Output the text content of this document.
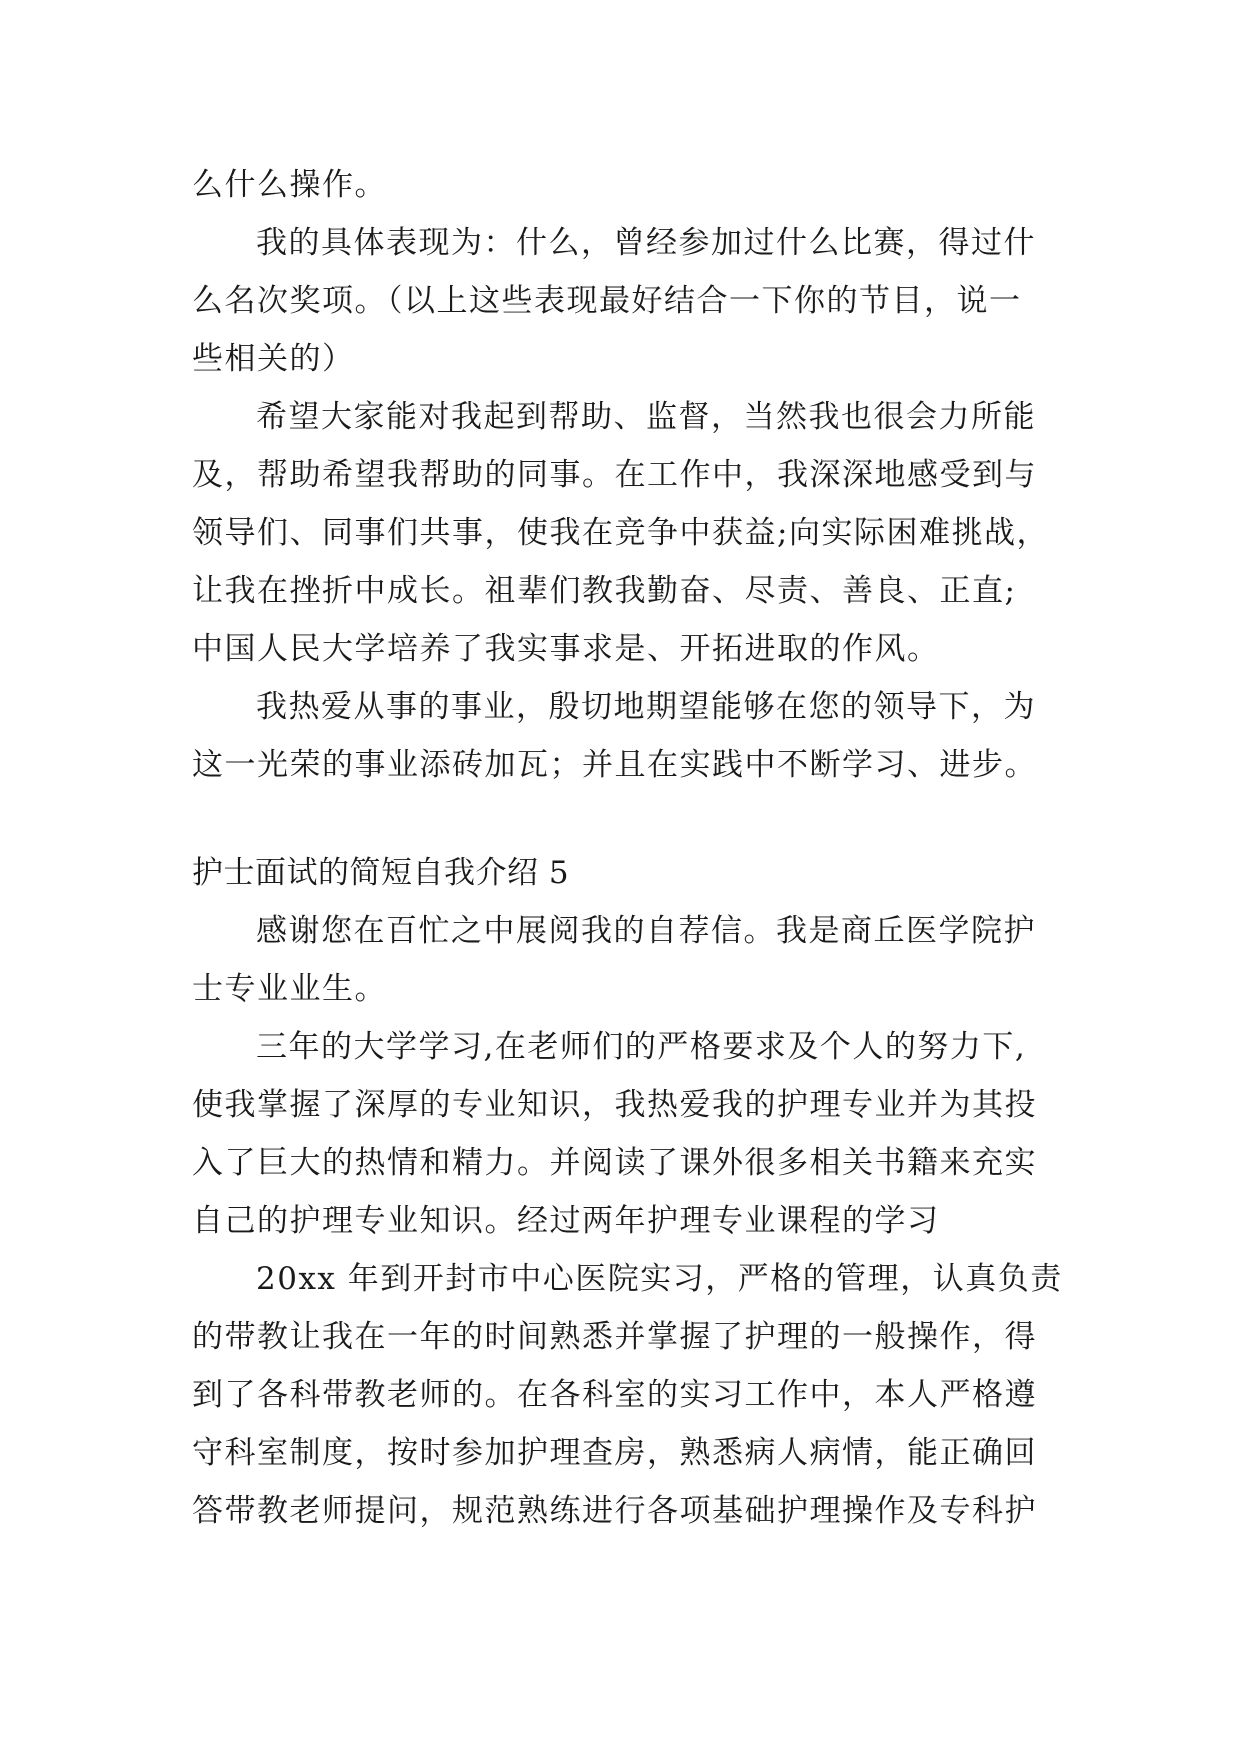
么什么操作。
我的具体表现为：什么，曾经参加过什么比赛，得过什
么名次奖项。（以上这些表现最好结合一下你的节目，说一
些相关的）
希望大家能对我起到帮助、监督，当然我也很会力所能
及，帮助希望我帮助的同事。在工作中，我深深地感受到与
领导们、同事们共事，使我在竞争中获益;向实际困难挑战，
让我在挫折中成长。祖辈们教我勤奋、尽责、善良、正直;
中国人民大学培养了我实事求是、开拓进取的作风。
我热爱从事的事业，殷切地期望能够在您的领导下，为
这一光荣的事业添砖加瓦；并且在实践中不断学习、进步。
护士面试的简短自我介绍 5
感谢您在百忙之中展阅我的自荐信。我是商丘医学院护
士专业业生。
三年的大学学习,在老师们的严格要求及个人的努力下,
使我掌握了深厚的专业知识，我热爱我的护理专业并为其投
入了巨大的热情和精力。并阅读了课外很多相关书籍来充实
自己的护理专业知识。经过两年护理专业课程的学习
20xx 年到开封市中心医院实习，严格的管理，认真负责
的带教让我在一年的时间熟悉并掌握了护理的一般操作，得
到了各科带教老师的。在各科室的实习工作中，本人严格遵
守科室制度，按时参加护理查房，熟悉病人病情，能正确回
答带教老师提问，规范熟练进行各项基础护理操作及专科护
